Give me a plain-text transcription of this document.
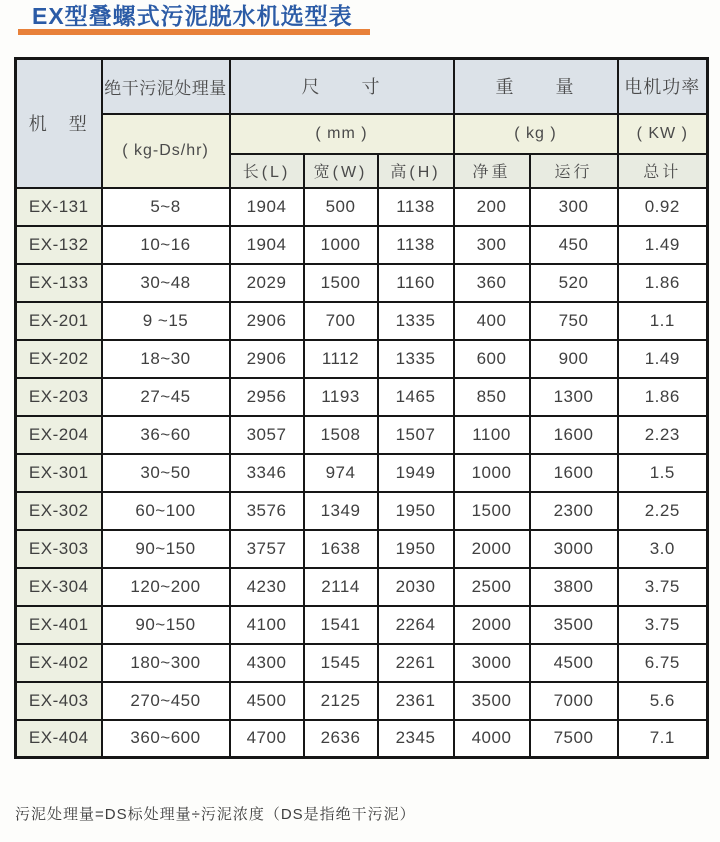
EX型叠螺式污泥脱水机选型表
机　型	绝干污泥处理量	尺　　寸			重　　量		电机功率
	( kg-Ds/hr)	( mm )			( kg )		( KW )
		长(L)	宽(W)	高(H)	净重	运行	总计
EX-131	5~8	1904	500	1138	200	300	0.92
EX-132	10~16	1904	1000	1138	300	450	1.49
EX-133	30~48	2029	1500	1160	360	520	1.86
EX-201	9 ~15	2906	700	1335	400	750	1.1
EX-202	18~30	2906	1112	1335	600	900	1.49
EX-203	27~45	2956	1193	1465	850	1300	1.86
EX-204	36~60	3057	1508	1507	1100	1600	2.23
EX-301	30~50	3346	974	1949	1000	1600	1.5
EX-302	60~100	3576	1349	1950	1500	2300	2.25
EX-303	90~150	3757	1638	1950	2000	3000	3.0
EX-304	120~200	4230	2114	2030	2500	3800	3.75
EX-401	90~150	4100	1541	2264	2000	3500	3.75
EX-402	180~300	4300	1545	2261	3000	4500	6.75
EX-403	270~450	4500	2125	2361	3500	7000	5.6
EX-404	360~600	4700	2636	2345	4000	7500	7.1
污泥处理量=DS标处理量÷污泥浓度（DS是指绝干污泥）
